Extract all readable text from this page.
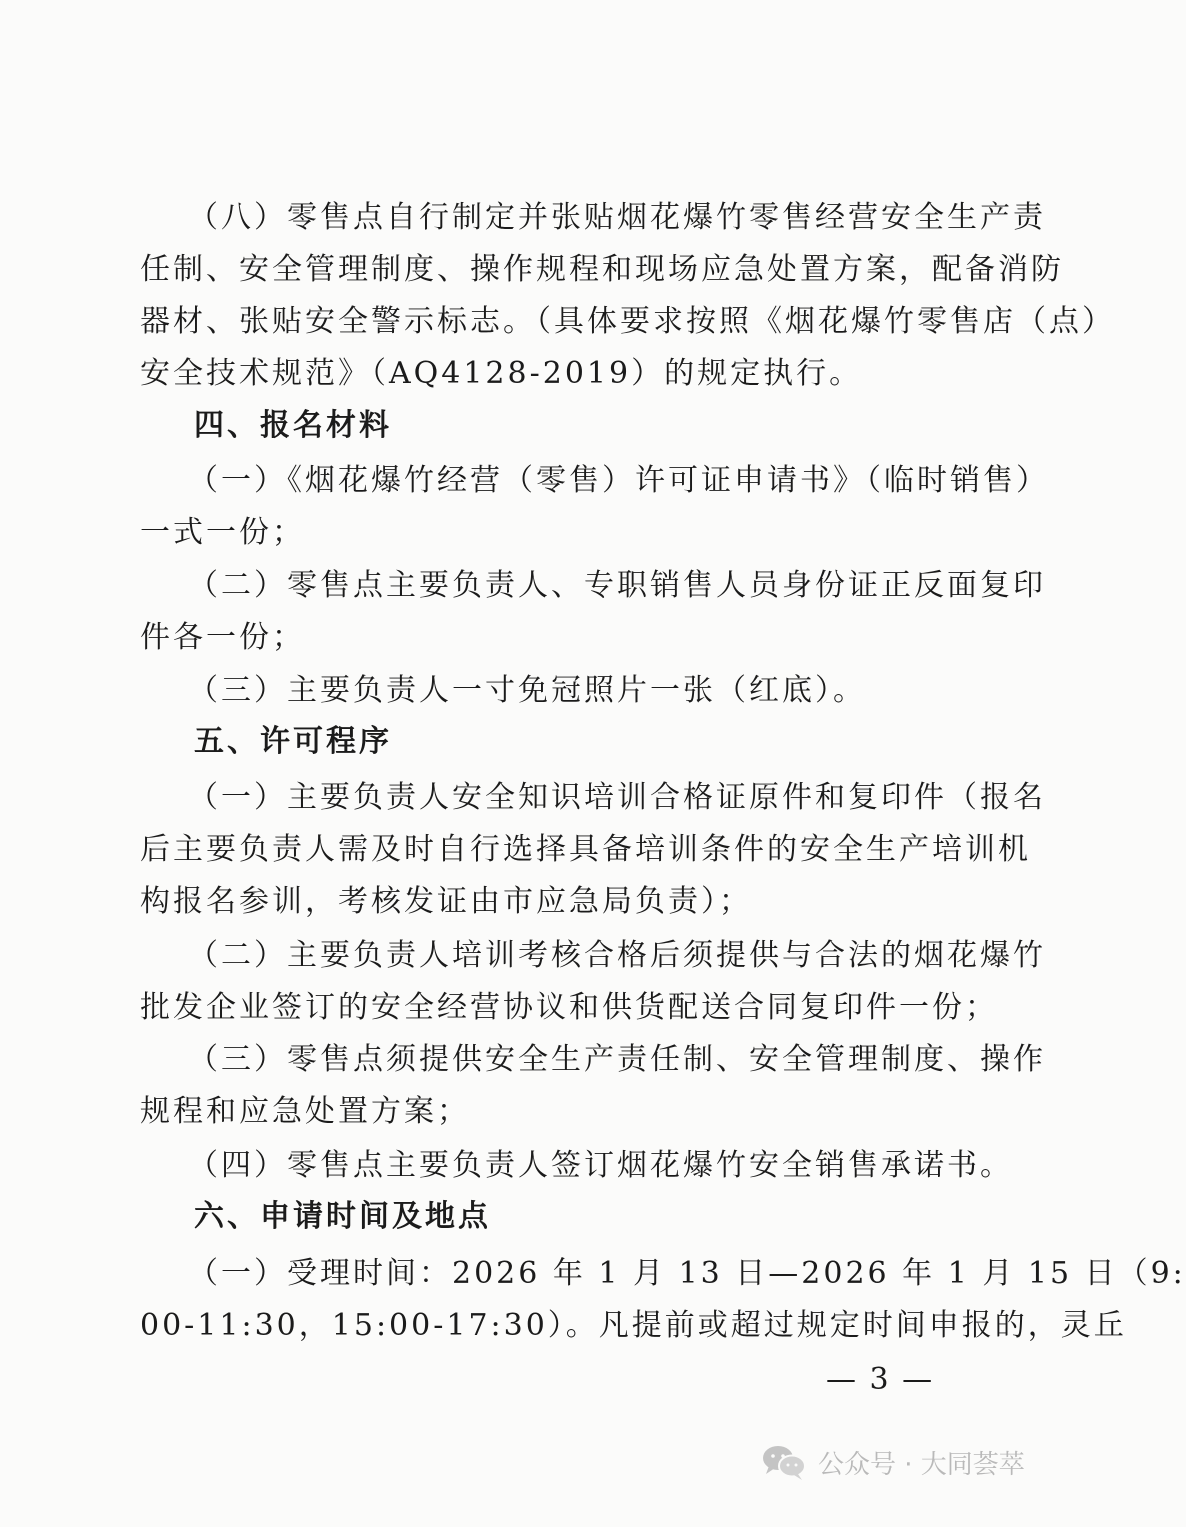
（八）零售点自行制定并张贴烟花爆竹零售经营安全生产责
任制、安全管理制度、操作规程和现场应急处置方案，配备消防
器材、张贴安全警示标志。（具体要求按照《烟花爆竹零售店（点）
安全技术规范》（AQ4128-2019）的规定执行。
四、报名材料
（一）《烟花爆竹经营（零售）许可证申请书》（临时销售）
一式一份；
（二）零售点主要负责人、专职销售人员身份证正反面复印
件各一份；
（三）主要负责人一寸免冠照片一张（红底）。
五、许可程序
（一）主要负责人安全知识培训合格证原件和复印件（报名
后主要负责人需及时自行选择具备培训条件的安全生产培训机
构报名参训，考核发证由市应急局负责）；
（二）主要负责人培训考核合格后须提供与合法的烟花爆竹
批发企业签订的安全经营协议和供货配送合同复印件一份；
（三）零售点须提供安全生产责任制、安全管理制度、操作
规程和应急处置方案；
（四）零售点主要负责人签订烟花爆竹安全销售承诺书。
六、申请时间及地点
（一）受理时间：2026 年 1 月 13 日—2026 年 1 月 15 日（9:
00-11:30，15:00-17:30）。凡提前或超过规定时间申报的，灵丘
— 3 —
公众号 · 大同荟萃
